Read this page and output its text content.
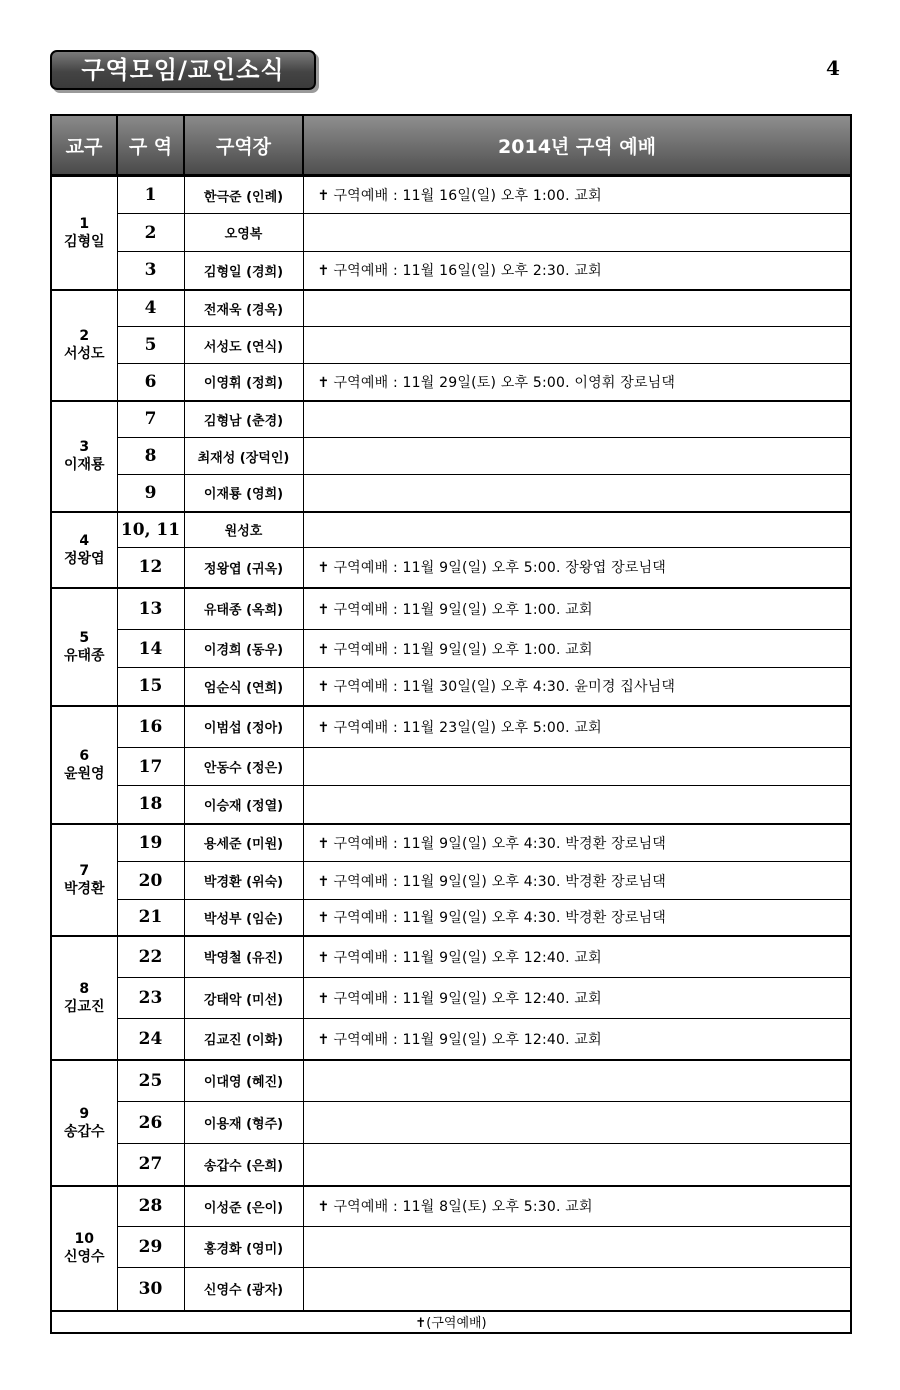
구역모임/교인소식	4
교구	구 역	구역장	2014년 구역 예배
1
김형일	1	한극준 (인례)	✝ 구역예배 : 11월 16일(일) 오후 1:00. 교회
	2	오영복	
	3	김형일 (경희)	✝ 구역예배 : 11월 16일(일) 오후 2:30. 교회
2
서성도	4	전재욱 (경옥)	
	5	서성도 (연식)	
	6	이영휘 (정희)	✝ 구역예배 : 11월 29일(토) 오후 5:00. 이영휘 장로님댁
3
이재룡	7	김형남 (춘경)	
	8	최재성 (장덕인)	
	9	이재룡 (영희)	
4
정왕엽	10, 11	원성호	
	12	정왕엽 (귀옥)	✝ 구역예배 : 11월 9일(일) 오후 5:00. 장왕엽 장로님댁
5
유태종	13	유태종 (옥희)	✝ 구역예배 : 11월 9일(일) 오후 1:00. 교회
	14	이경희 (동우)	✝ 구역예배 : 11월 9일(일) 오후 1:00. 교회
	15	엄순식 (연희)	✝ 구역예배 : 11월 30일(일) 오후 4:30. 윤미경 집사님댁
6
윤원영	16	이범섭 (정아)	✝ 구역예배 : 11월 23일(일) 오후 5:00. 교회
	17	안동수 (정은)	
	18	이승재 (정열)	
7
박경환	19	용세준 (미원)	✝ 구역예배 : 11월 9일(일) 오후 4:30. 박경환 장로님댁
	20	박경환 (위숙)	✝ 구역예배 : 11월 9일(일) 오후 4:30. 박경환 장로님댁
	21	박성부 (임순)	✝ 구역예배 : 11월 9일(일) 오후 4:30. 박경환 장로님댁
8
김교진	22	박영철 (유진)	✝ 구역예배 : 11월 9일(일) 오후 12:40. 교회
	23	강태악 (미선)	✝ 구역예배 : 11월 9일(일) 오후 12:40. 교회
	24	김교진 (이화)	✝ 구역예배 : 11월 9일(일) 오후 12:40. 교회
9
송갑수	25	이대영 (혜진)	
	26	이용재 (형주)	
	27	송갑수 (은희)	
10
신영수	28	이성준 (은이)	✝ 구역예배 : 11월 8일(토) 오후 5:30. 교회
	29	홍경화 (영미)	
	30	신영수 (광자)	
✝(구역예배)			
